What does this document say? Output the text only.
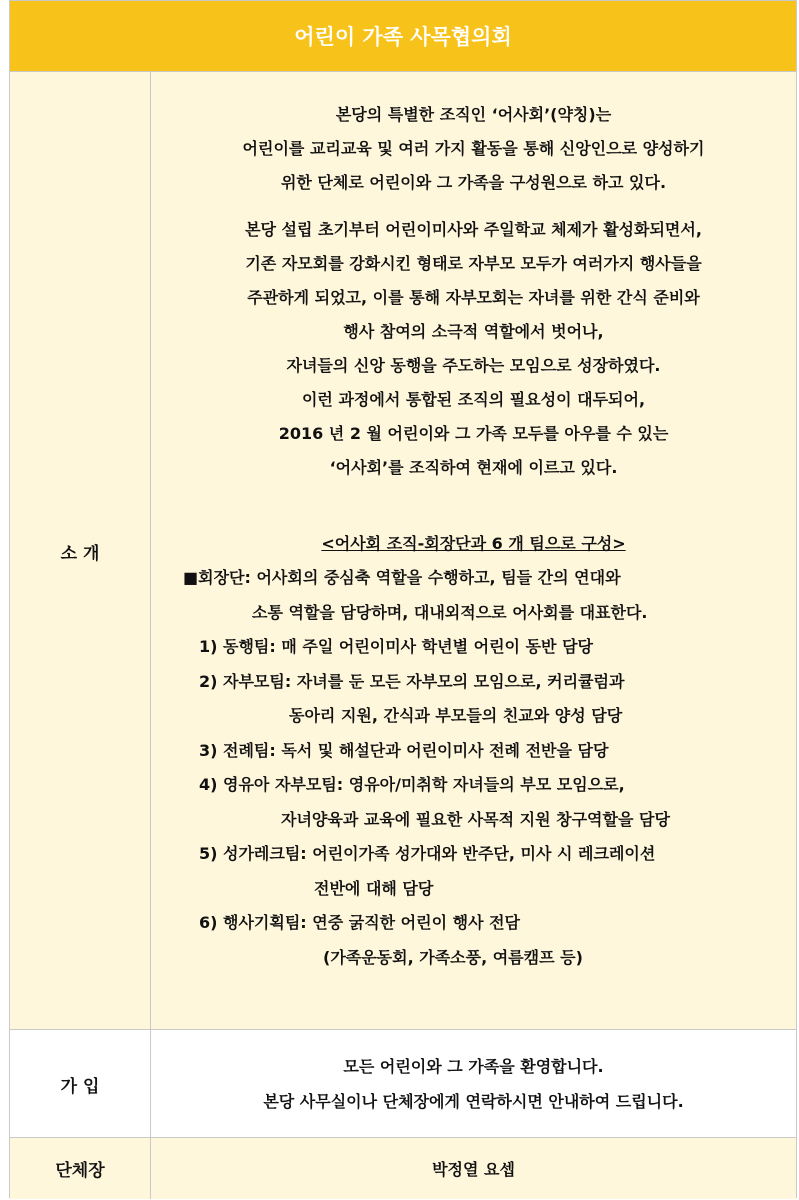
어린이 가족 사목협의회
소 개
본당의 특별한 조직인 ‘어사회’(약칭)는
어린이를 교리교육 및 여러 가지 활동을 통해 신앙인으로 양성하기
위한 단체로 어린이와 그 가족을 구성원으로 하고 있다.
본당 설립 초기부터 어린이미사와 주일학교 체제가 활성화되면서,
기존 자모회를 강화시킨 형태로 자부모 모두가 여러가지 행사들을
주관하게 되었고, 이를 통해 자부모회는 자녀를 위한 간식 준비와
행사 참여의 소극적 역할에서 벗어나,
자녀들의 신앙 동행을 주도하는 모임으로 성장하였다.
이런 과정에서 통합된 조직의 필요성이 대두되어,
2016 년 2 월 어린이와 그 가족 모두를 아우를 수 있는
‘어사회’를 조직하여 현재에 이르고 있다.
<어사회 조직-회장단과 6 개 팀으로 구성>
■회장단: 어사회의 중심축 역할을 수행하고, 팀들 간의 연대와
소통 역할을 담당하며, 대내외적으로 어사회를 대표한다.
1) 동행팀: 매 주일 어린이미사 학년별 어린이 동반 담당
2) 자부모팀: 자녀를 둔 모든 자부모의 모임으로, 커리큘럼과
동아리 지원, 간식과 부모들의 친교와 양성 담당
3) 전례팀: 독서 및 해설단과 어린이미사 전례 전반을 담당
4) 영유아 자부모팀: 영유아/미취학 자녀들의 부모 모임으로,
자녀양육과 교육에 필요한 사목적 지원 창구역할을 담당
5) 성가레크팀: 어린이가족 성가대와 반주단, 미사 시 레크레이션
전반에 대해 담당
6) 행사기획팀: 연중 굵직한 어린이 행사 전담
(가족운동회, 가족소풍, 여름캠프 등)
가 입
모든 어린이와 그 가족을 환영합니다.
본당 사무실이나 단체장에게 연락하시면 안내하여 드립니다.
단체장	박정열 요셉
